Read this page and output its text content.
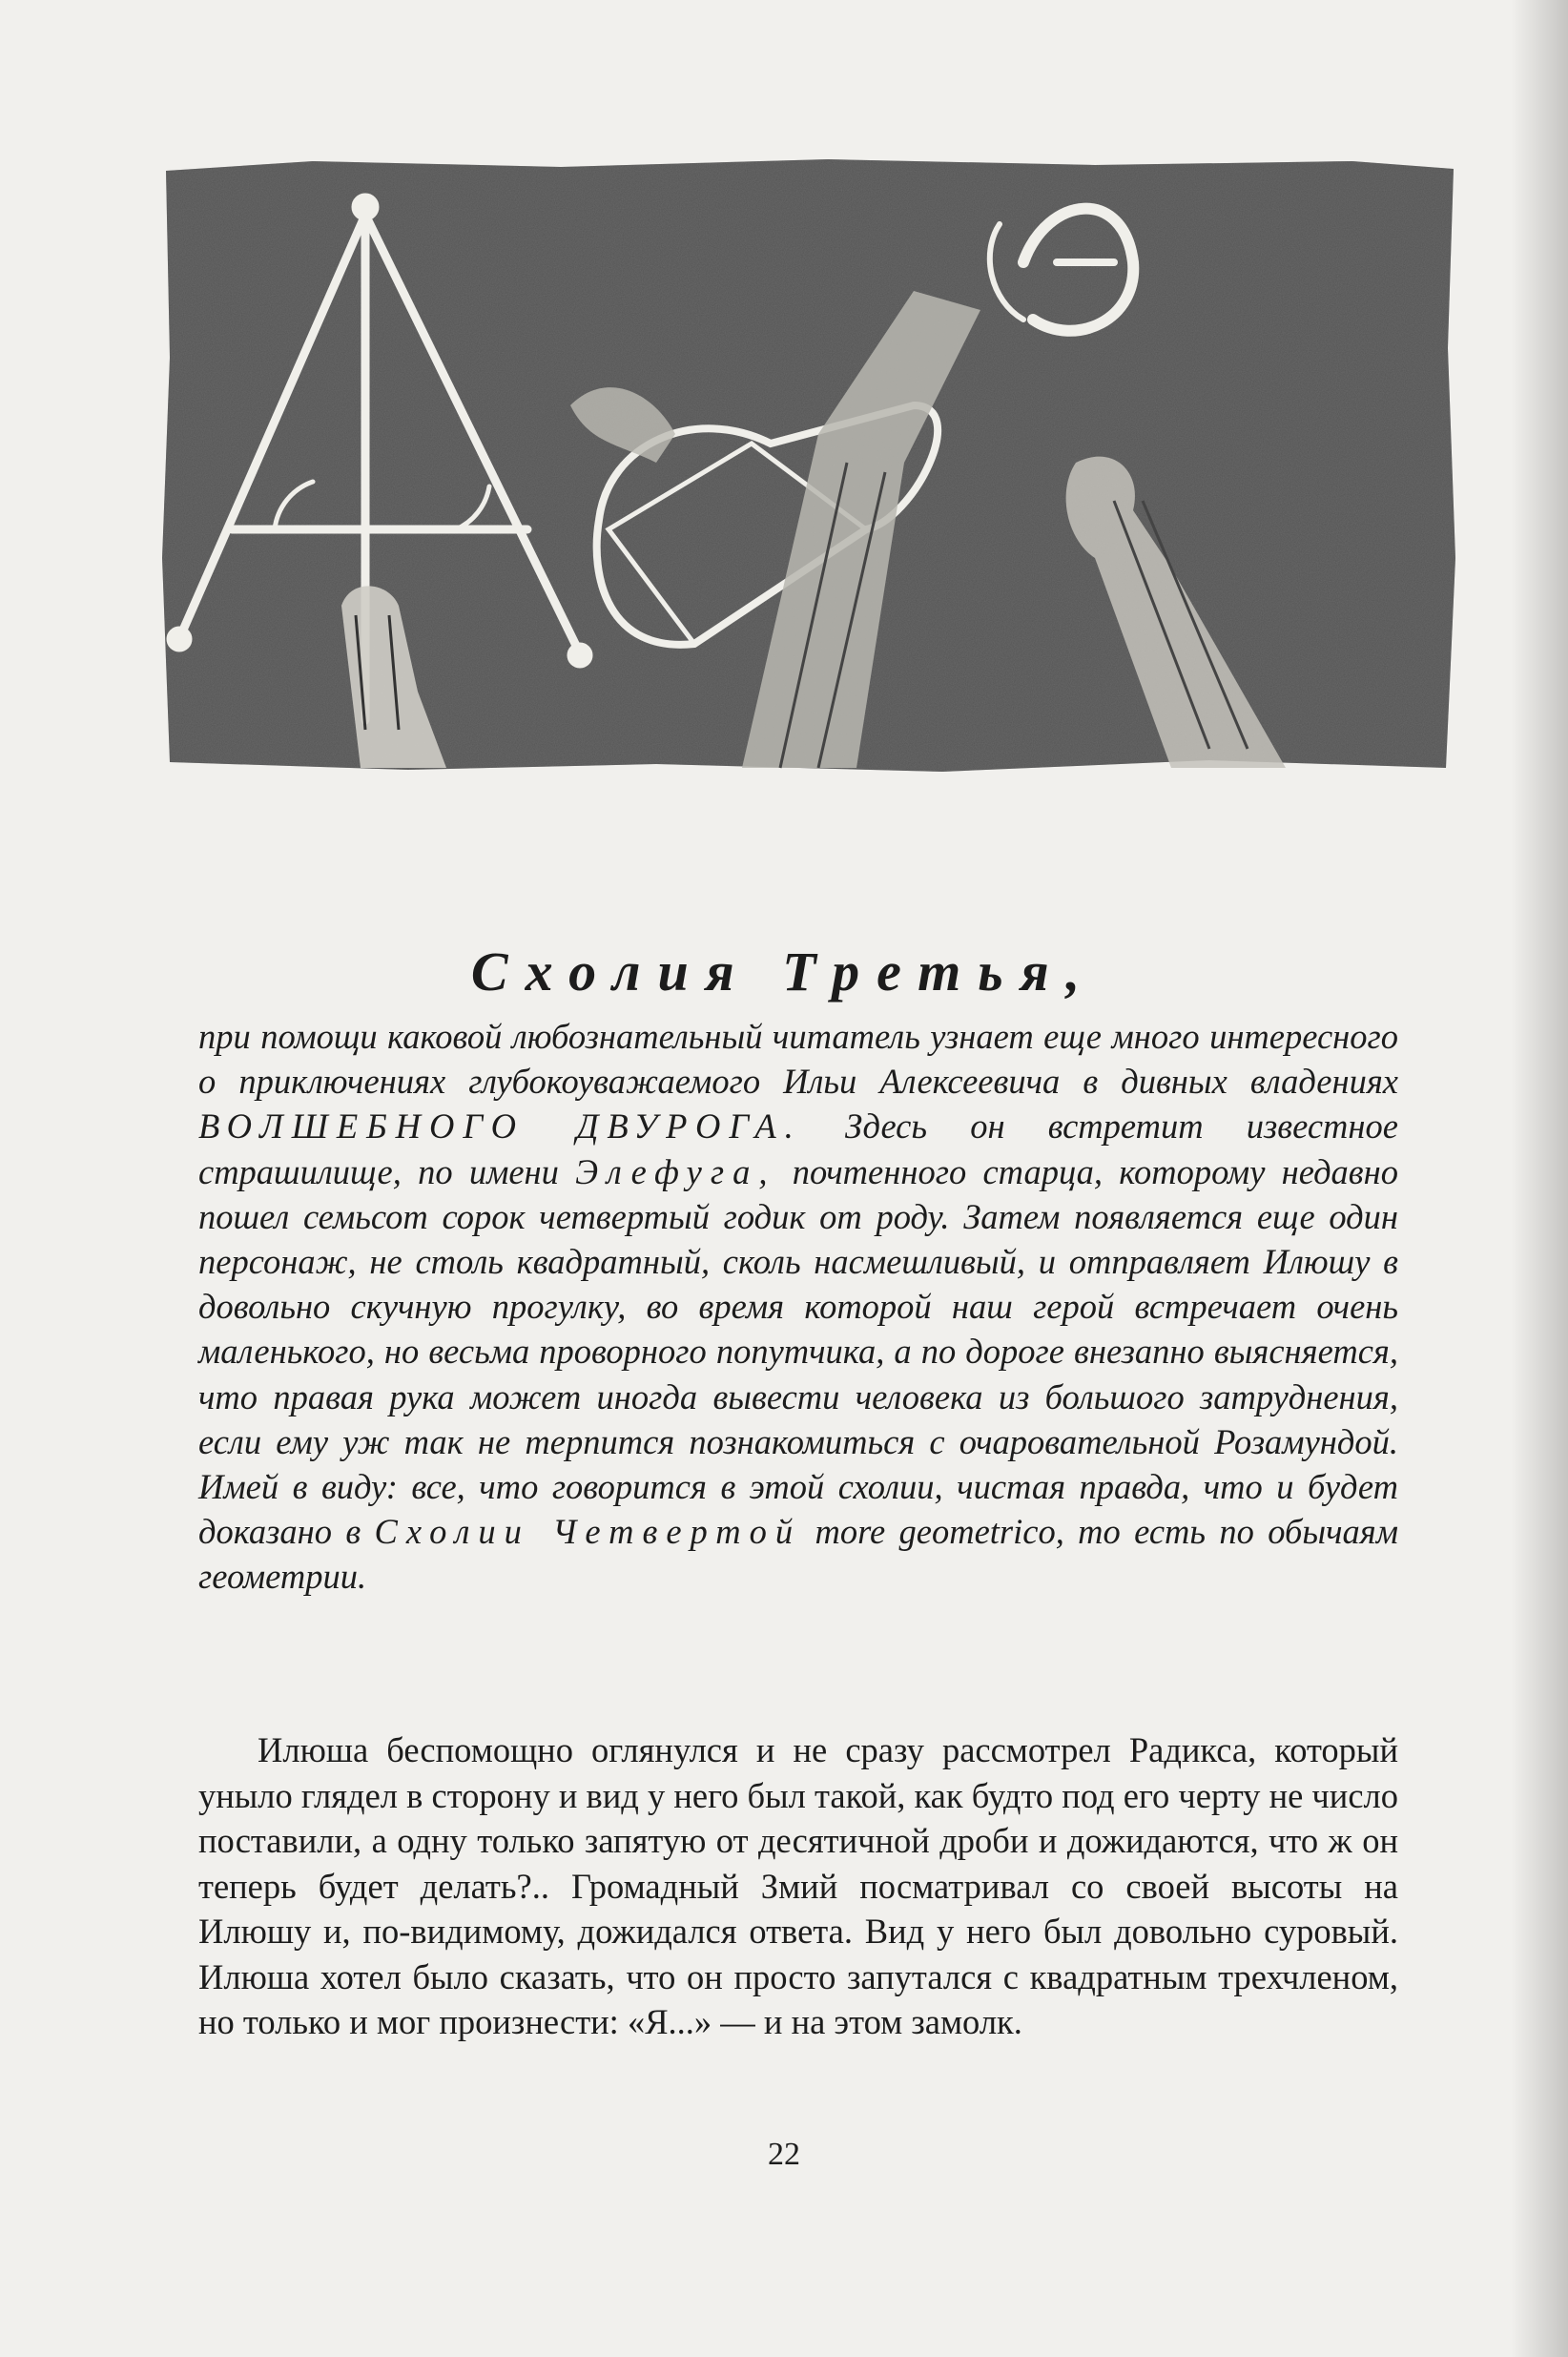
Схолия Третья,
при помощи каковой любознательный читатель узнает еще много интересного о приключениях глубокоуважаемого Ильи Алексеевича в дивных владениях ВОЛШЕБНОГО ДВУРОГА. Здесь он встретит известное страшилище, по имени Элефуга, почтенного старца, которому недавно пошел семьсот сорок четвертый годик от роду. Затем появляется еще один персонаж, не столь квадратный, сколь насмешливый, и отправляет Илюшу в довольно скучную прогулку, во время которой наш герой встречает очень маленького, но весьма проворного попутчика, а по дороге внезапно выясняется, что правая рука может иногда вывести человека из большого затруднения, если ему уж так не терпится познакомиться с очаровательной Розамундой. Имей в виду: все, что говорится в этой схолии, чистая правда, что и будет доказано в Схолии Четвертой more geometrico, то есть по обычаям геометрии.

Илюша беспомощно оглянулся и не сразу рассмотрел Радикса, который уныло глядел в сторону и вид у него был такой, как будто под его черту не число поставили, а одну только запятую от десятичной дроби и дожидаются, что ж он теперь будет делать?.. Громадный Змий посматривал со своей высоты на Илюшу и, по-видимому, дожидался ответа. Вид у него был довольно суровый. Илюша хотел было сказать, что он просто запутался с квадратным трехчленом, но только и мог произнести: «Я...» — и на этом замолк.

22
